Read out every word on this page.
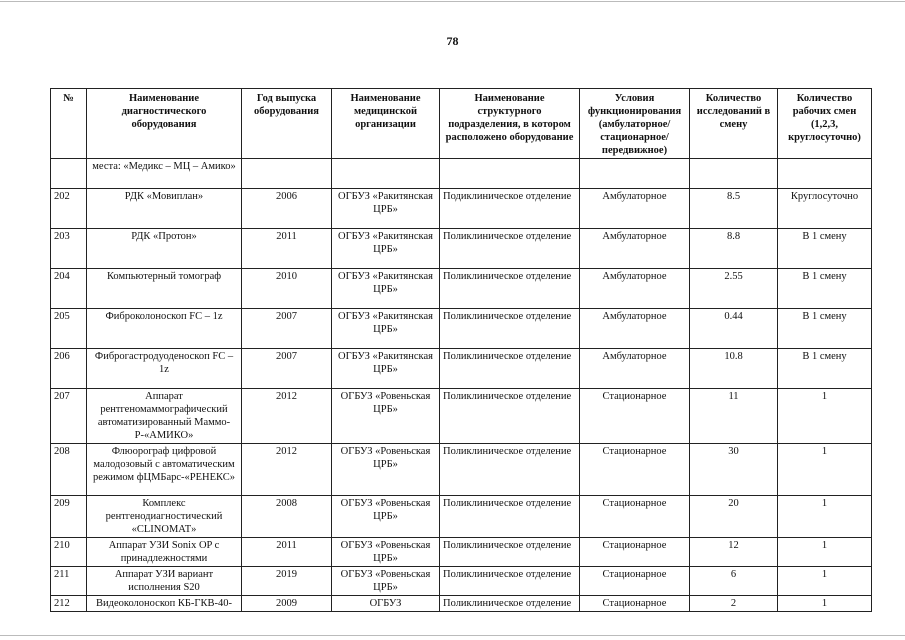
78
№	Наименование диагностического оборудования	Год выпуска оборудования	Наименование медицинской организации	Наименование структурного подразделения, в котором расположено оборудование	Условия функционирования (амбулаторное/ стационарное/ передвижное)	Количество исследований в смену	Количество рабочих смен (1,2,3, круглосуточно)
	места: «Медикс – МЦ – Амико»						
202	РДК «Мовиплан»	2006	ОГБУЗ «Ракитянская ЦРБ»	Подиклиническое отделение	Амбулаторное	8.5	Круглосуточно
203	РДК «Протон»	2011	ОГБУЗ «Ракитянская ЦРБ»	Поликлиническое отделение	Амбулаторное	8.8	В 1 смену
204	Компьютерный томограф	2010	ОГБУЗ «Ракитянская ЦРБ»	Поликлиническое отделение	Амбулаторное	2.55	В 1 смену
205	Фиброколоноскоп FC – 1z	2007	ОГБУЗ «Ракитянская ЦРБ»	Поликлиническое отделение	Амбулаторное	0.44	В 1 смену
206	Фиброгастродуоденоскоп FC – 1z	2007	ОГБУЗ «Ракитянская ЦРБ»	Поликлиническое отделение	Амбулаторное	10.8	В 1 смену
207	Аппарат рентгеномаммографический автоматизированный Маммо-Р-«АМИКО»	2012	ОГБУЗ «Ровеньская ЦРБ»	Поликлиническое отделение	Стационарное	11	1
208	Флюорограф цифровой малодозовый с автоматическим режимом фЦМБарс-«РЕНЕКС»	2012	ОГБУЗ «Ровеньская ЦРБ»	Поликлиническое отделение	Стационарное	30	1
209	Комплекс рентгенодиагностический «CLINOMAT»	2008	ОГБУЗ «Ровеньская ЦРБ»	Поликлиническое отделение	Стационарное	20	1
210	Аппарат УЗИ Sonix OP с принадлежностями	2011	ОГБУЗ «Ровеньская ЦРБ»	Поликлиническое отделение	Стационарное	12	1
211	Аппарат УЗИ вариант исполнения S20	2019	ОГБУЗ «Ровеньская ЦРБ»	Поликлиническое отделение	Стационарное	6	1
212	Видеоколоноскоп КБ-ГКВ-40-	2009	ОГБУЗ	Поликлиническое отделение	Стационарное	2	1
